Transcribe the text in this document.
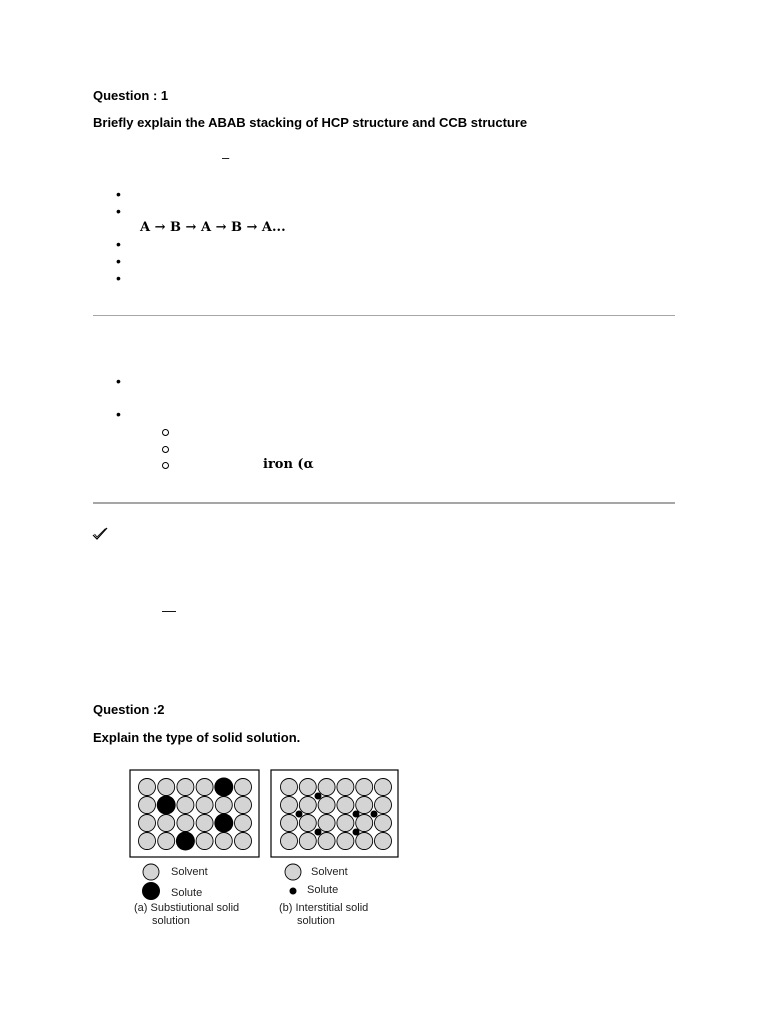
Question : 1
Briefly explain the ABAB stacking of HCP structure and CCB structure
–
•
•
A → B → A → B → A...
•
•
•
•
•
iron (α
—
Question :2
Explain the type of solid solution.
Solvent
Solute
(a) Substiutional solid
solution
Solvent
Solute
(b) Interstitial solid
solution
